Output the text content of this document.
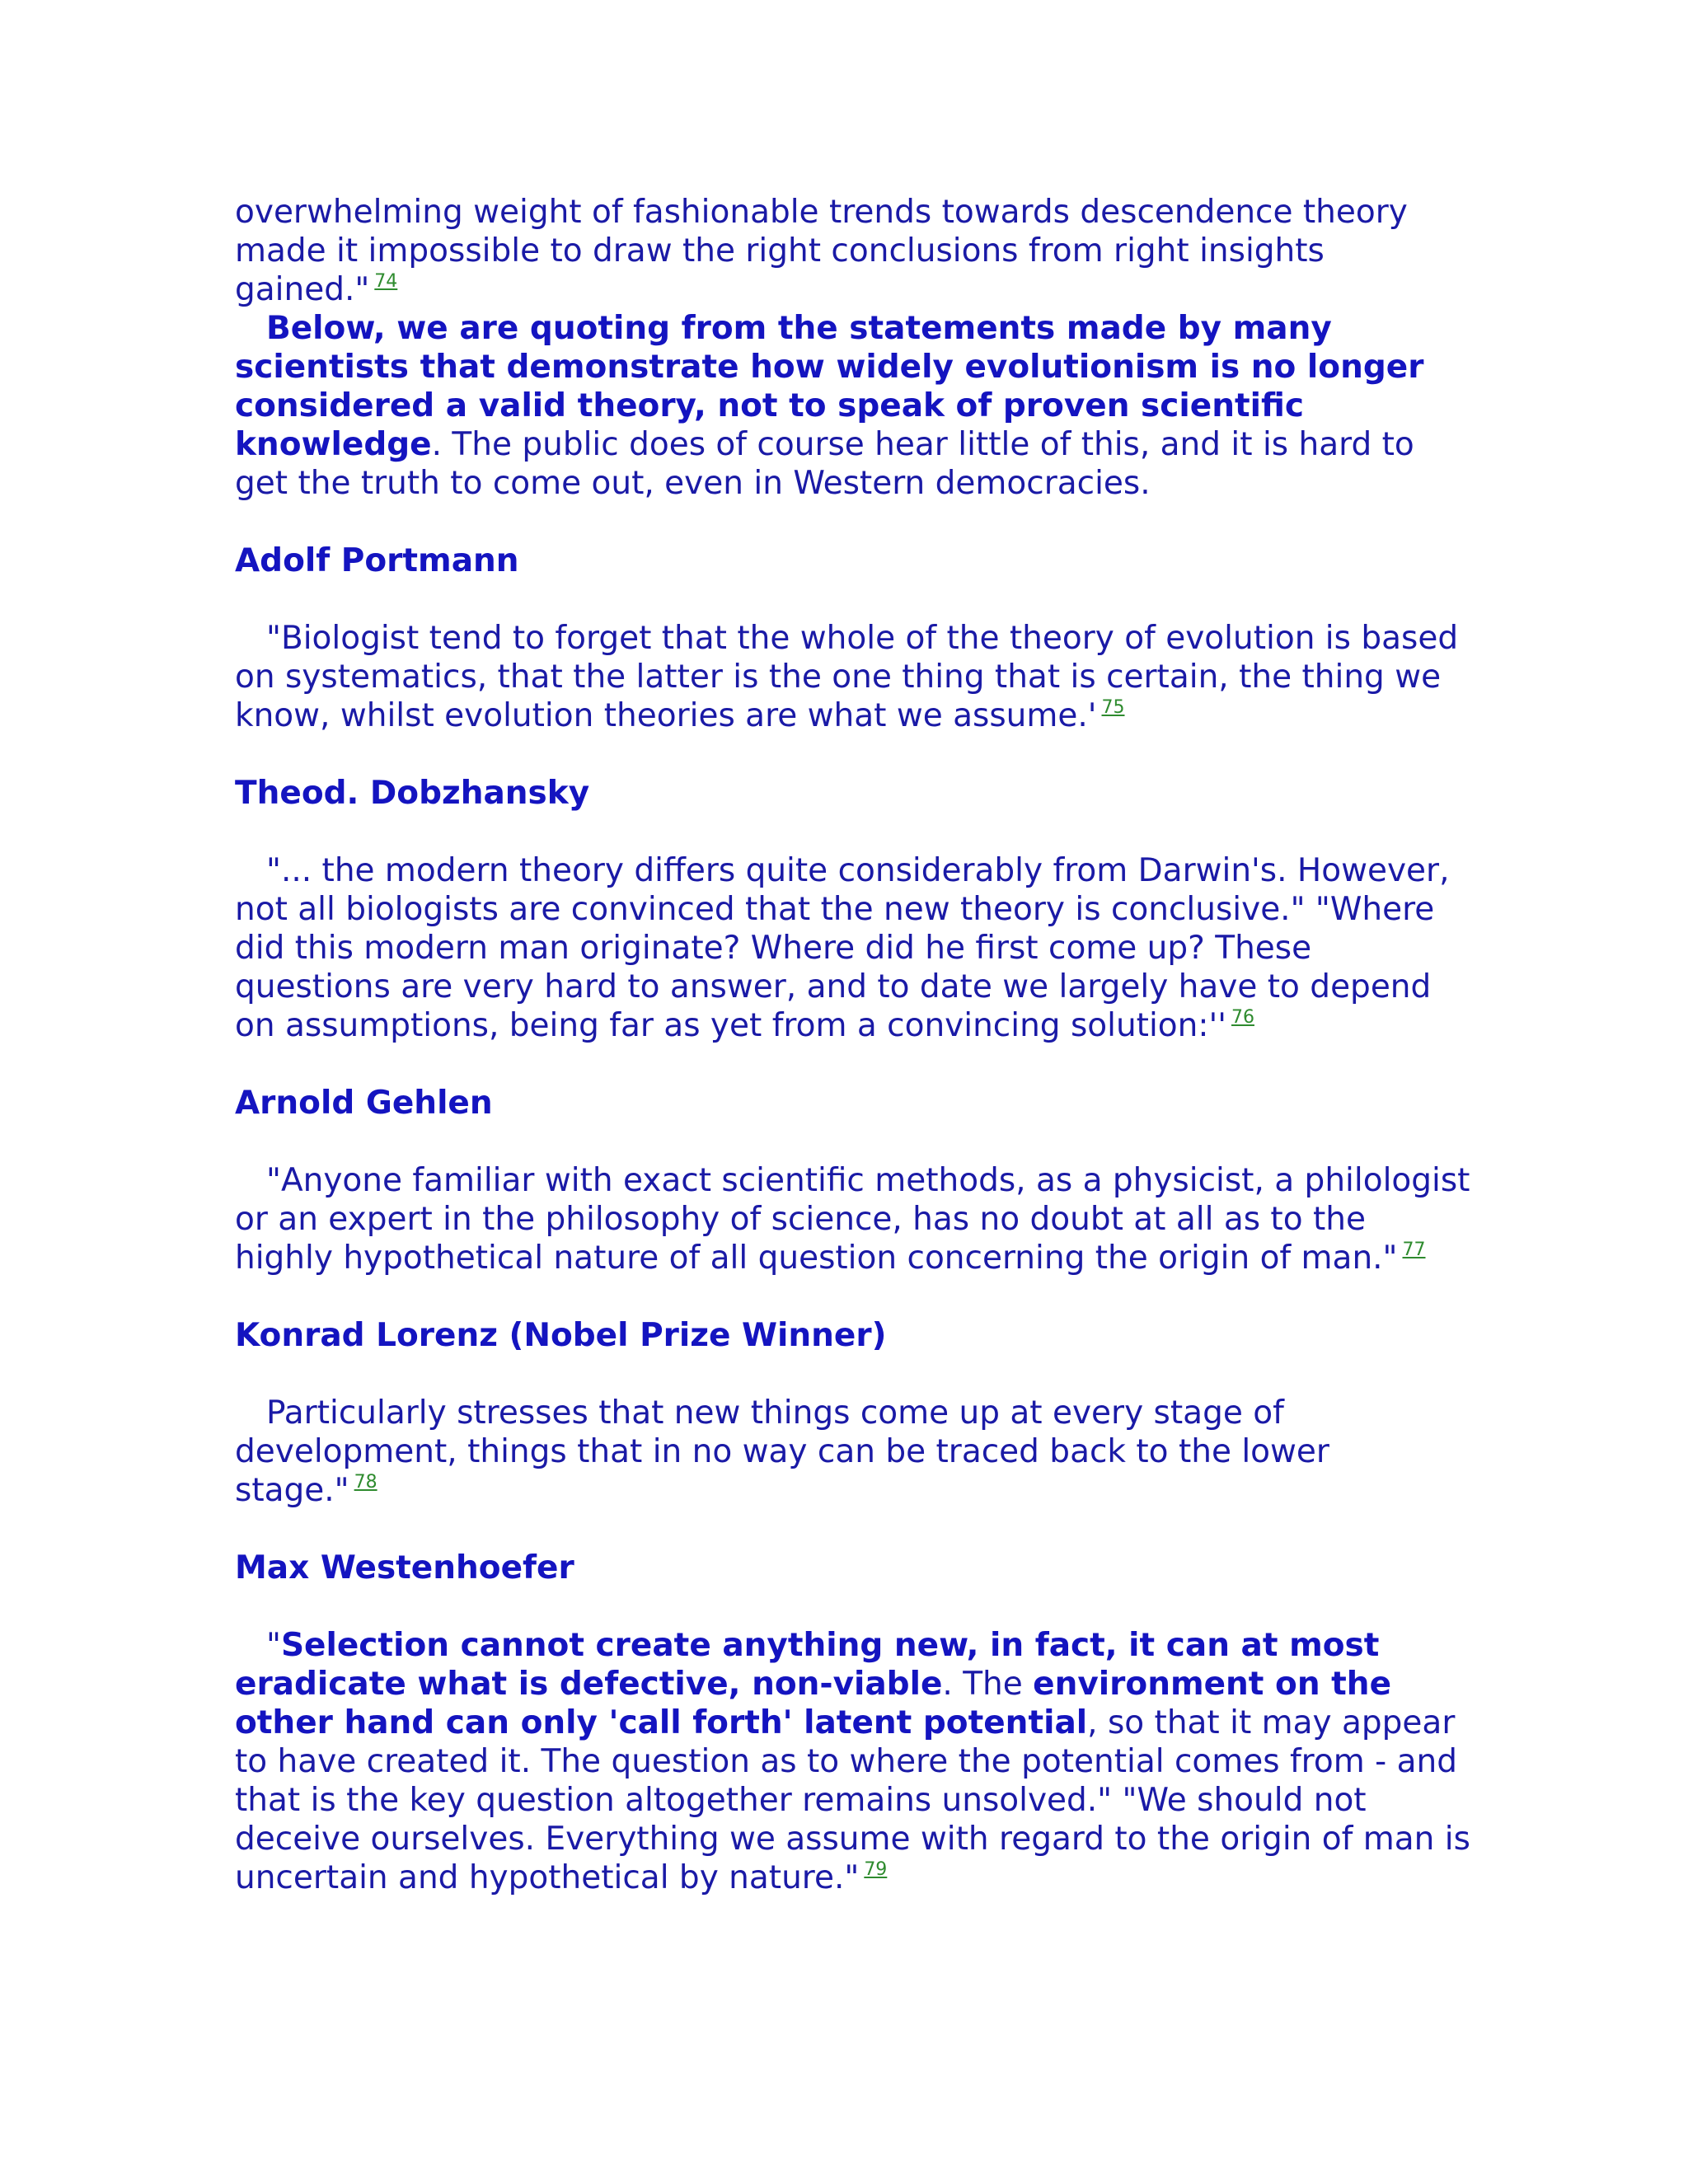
overwhelming weight of fashionable trends towards descendence theory made it impossible to draw the right conclusions from right insights gained." $^{74}$

Below, we are quoting from the statements made by many scientists that demonstrate how widely evolutionism is no longer considered a valid theory, not to speak of proven scientific knowledge. The public does of course hear little of this, and it is hard to get the truth to come out, even in Western democracies.

Adolf Portmann

"Biologist tend to forget that the whole of the theory of evolution is based on systematics, that the latter is the one thing that is certain, the thing we know, whilst evolution theories are what we assume.' $^{75}$

Theod. Dobzhansky

"... the modern theory differs quite considerably from Darwin's. However, not all biologists are convinced that the new theory is conclusive." "Where did this modern man originate? Where did he first come up? These questions are very hard to answer, and to date we largely have to depend on assumptions, being far as yet from a convincing solution:'' $^{76}$

Arnold Gehlen

"Anyone familiar with exact scientific methods, as a physicist, a philologist or an expert in the philosophy of science, has no doubt at all as to the highly hypothetical nature of all question concerning the origin of man." $^{77}$

Konrad Lorenz (Nobel Prize Winner)

Particularly stresses that new things come up at every stage of development, things that in no way can be traced back to the lower stage." $^{78}$

Max Westenhoefer

"Selection cannot create anything new, in fact, it can at most eradicate what is defective, non-viable. The environment on the other hand can only 'call forth' latent potential, so that it may appear to have created it. The question as to where the potential comes from - and that is the key question altogether remains unsolved." "We should not deceive ourselves. Everything we assume with regard to the origin of man is uncertain and hypothetical by nature." $^{79}$
